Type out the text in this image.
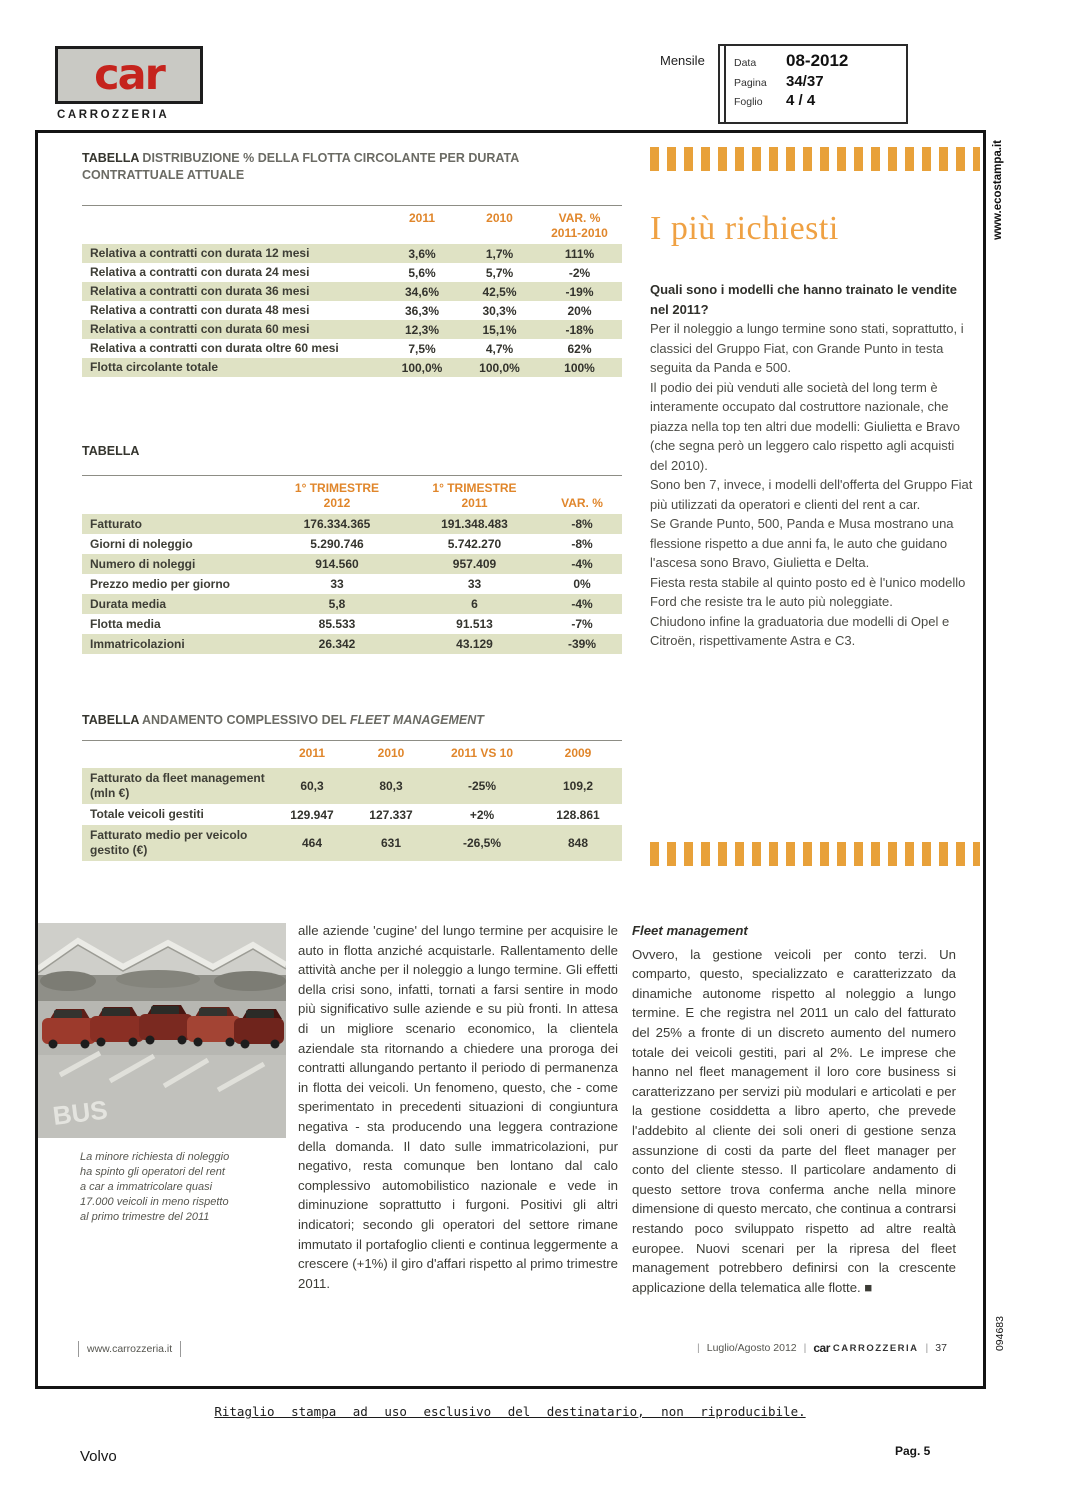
car
CARROZZERIA
Mensile	Data	08-2012
Pagina	34/37
Foglio	4 / 4
www.ecostampa.it
094683
TABELLA DISTRIBUZIONE % DELLA FLOTTA CIRCOLANTE PER DURATA CONTRATTUALE ATTUALE
2011	2010	VAR. %
2011-2010
Relativa a contratti con durata 12 mesi	3,6%	1,7%	111%
Relativa a contratti con durata 24 mesi	5,6%	5,7%	-2%
Relativa a contratti con durata 36 mesi	34,6%	42,5%	-19%
Relativa a contratti con durata 48 mesi	36,3%	30,3%	20%
Relativa a contratti con durata 60 mesi	12,3%	15,1%	-18%
Relativa a contratti con durata oltre 60 mesi	7,5%	4,7%	62%
Flotta circolante totale	100,0%	100,0%	100%
TABELLA
1° TRIMESTRE
2012
1° TRIMESTRE
2011	VAR. %
Fatturato	176.334.365	191.348.483	-8%
Giorni di noleggio	5.290.746	5.742.270	-8%
Numero di noleggi	914.560	957.409	-4%
Prezzo medio per giorno	33	33	0%
Durata media	5,8	6	-4%
Flotta media	85.533	91.513	-7%
Immatricolazioni	26.342	43.129	-39%
TABELLA ANDAMENTO COMPLESSIVO DEL FLEET MANAGEMENT
2011	2010	2011 VS 10	2009
Fatturato da fleet management (mln €)	60,3	80,3	-25%	109,2
Totale veicoli gestiti	129.947	127.337	+2%	128.861
Fatturato medio per veicolo gestito (€)	464	631	-26,5%	848
I più richiesti

Quali sono i modelli che hanno trainato le vendite nel 2011?

Per il noleggio a lungo termine sono stati, soprattutto, i classici del Gruppo Fiat, con Grande Punto in testa seguita da Panda e 500.

Il podio dei più venduti alle società del long term è interamente occupato dal costruttore nazionale, che piazza nella top ten altri due modelli: Giulietta e Bravo (che segna però un leggero calo rispetto agli acquisti del 2010).

Sono ben 7, invece, i modelli dell'offerta del Gruppo Fiat più utilizzati da operatori e clienti del rent a car.

Se Grande Punto, 500, Panda e Musa mostrano una flessione rispetto a due anni fa, le auto che guidano l'ascesa sono Bravo, Giulietta e Delta.

Fiesta resta stabile al quinto posto ed è l'unico modello Ford che resiste tra le auto più noleggiate.

Chiudono infine la graduatoria due modelli di Opel e Citroën, rispettivamente Astra e C3.

BUS
La minore richiesta di noleggio ha spinto gli operatori del rent a car a immatricolare quasi 17.000 veicoli in meno rispetto al primo trimestre del 2011

alle aziende 'cugine' del lungo termine per acquisire le auto in flotta anziché acquistarle. Rallentamento delle attività anche per il noleggio a lungo termine. Gli effetti della crisi sono, infatti, tornati a farsi sentire in modo più significativo sulle aziende e su più fronti. In attesa di un migliore scenario economico, la clientela aziendale sta ritornando a chiedere una proroga dei contratti allungando pertanto il periodo di permanenza in flotta dei veicoli. Un fenomeno, questo, che - come sperimentato in precedenti situazioni di congiuntura negativa - sta producendo una leggera contrazione della domanda. Il dato sulle immatricolazioni, pur negativo, resta comunque ben lontano dal calo complessivo automobilistico nazionale e vede in diminuzione soprattutto i furgoni. Positivi gli altri indicatori; secondo gli operatori del settore rimane immutato il portafoglio clienti e continua leggermente a crescere (+1%) il giro d'affari rispetto al primo trimestre 2011.

Fleet management

Ovvero, la gestione veicoli per conto terzi. Un comparto, questo, specializzato e caratterizzato da dinamiche autonome rispetto al noleggio a lungo termine. E che registra nel 2011 un calo del fatturato del 25% a fronte di un discreto aumento del numero totale dei veicoli gestiti, pari al 2%. Le imprese che hanno nel fleet management il loro core business si caratterizzano per servizi più modulari e articolati e per la gestione cosiddetta a libro aperto, che prevede l'addebito al cliente dei soli oneri di gestione senza assunzione di costi da parte del fleet manager per conto del cliente stesso. Il particolare andamento di questo settore trova conferma anche nella minore dimensione di questo mercato, che continua a contrarsi restando poco sviluppato rispetto ad altre realtà europee. Nuovi scenari per la ripresa del fleet management potrebbero definirsi con la crescente applicazione della telematica alle flotte. ■

www.carrozzeria.it	| Luglio/Agosto 2012 | car CARROZZERIA | 37
Ritaglio stampa ad uso esclusivo del destinatario, non riproducibile.
Volvo	Pag. 5
